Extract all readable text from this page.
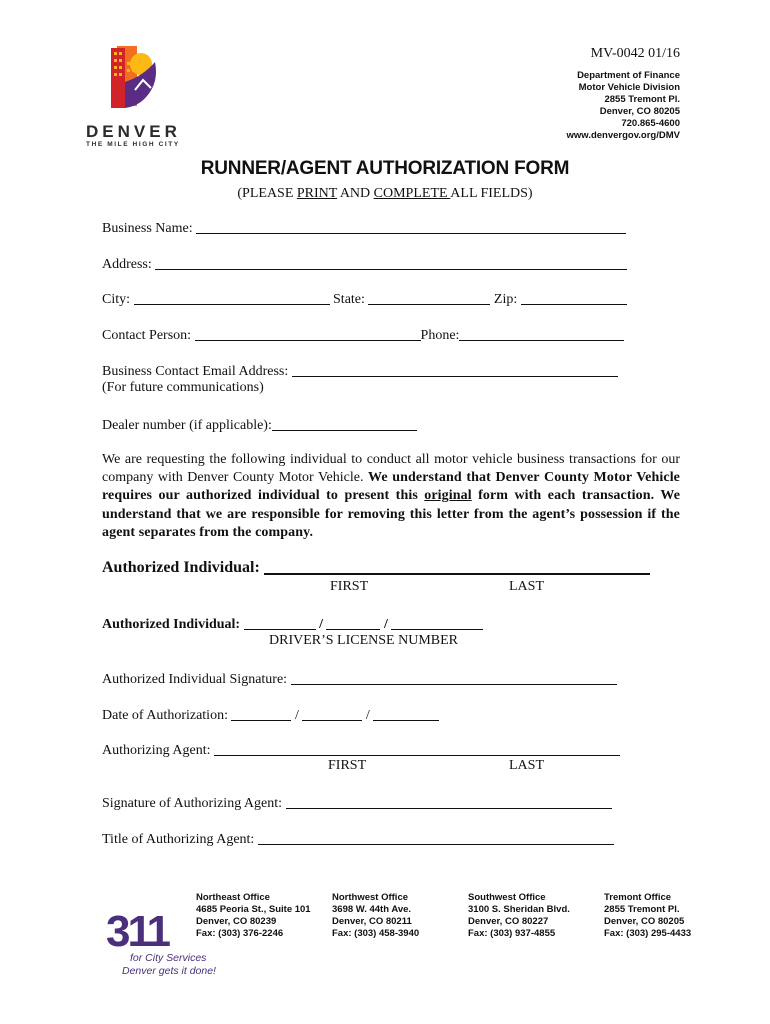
DENVER
THE MILE HIGH CITY
MV-0042 01/16
Department of Finance
Motor Vehicle Division
2855 Tremont Pl.
Denver, CO 80205
720.865-4600
www.denvergov.org/DMV
RUNNER/AGENT AUTHORIZATION FORM
(PLEASE PRINT AND COMPLETE ALL FIELDS)
Business Name:
Address:
City:	State:	Zip:
Contact Person:	Phone:
Business Contact Email Address:
(For future communications)
Dealer number (if applicable):
We are requesting the following individual to conduct all motor vehicle business transactions for our company with Denver County Motor Vehicle. We understand that Denver County Motor Vehicle requires our authorized individual to present this original form with each transaction. We understand that we are responsible for removing this letter from the agent’s possession if the agent separates from the company.
Authorized Individual:
FIRST	LAST
Authorized Individual:	/	/
DRIVER’S LICENSE NUMBER
Authorized Individual Signature:
Date of Authorization:	/	/
Authorizing Agent:
FIRST	LAST
Signature of Authorizing Agent:
Title of Authorizing Agent:
311
for City Services
Denver gets it done!
Northeast Office
4685 Peoria St., Suite 101
Denver, CO 80239
Fax: (303) 376-2246
Northwest Office
3698 W. 44th Ave.
Denver, CO 80211
Fax: (303) 458-3940
Southwest Office
3100 S. Sheridan Blvd.
Denver, CO 80227
Fax: (303) 937-4855
Tremont Office
2855 Tremont Pl.
Denver, CO 80205
Fax: (303) 295-4433
